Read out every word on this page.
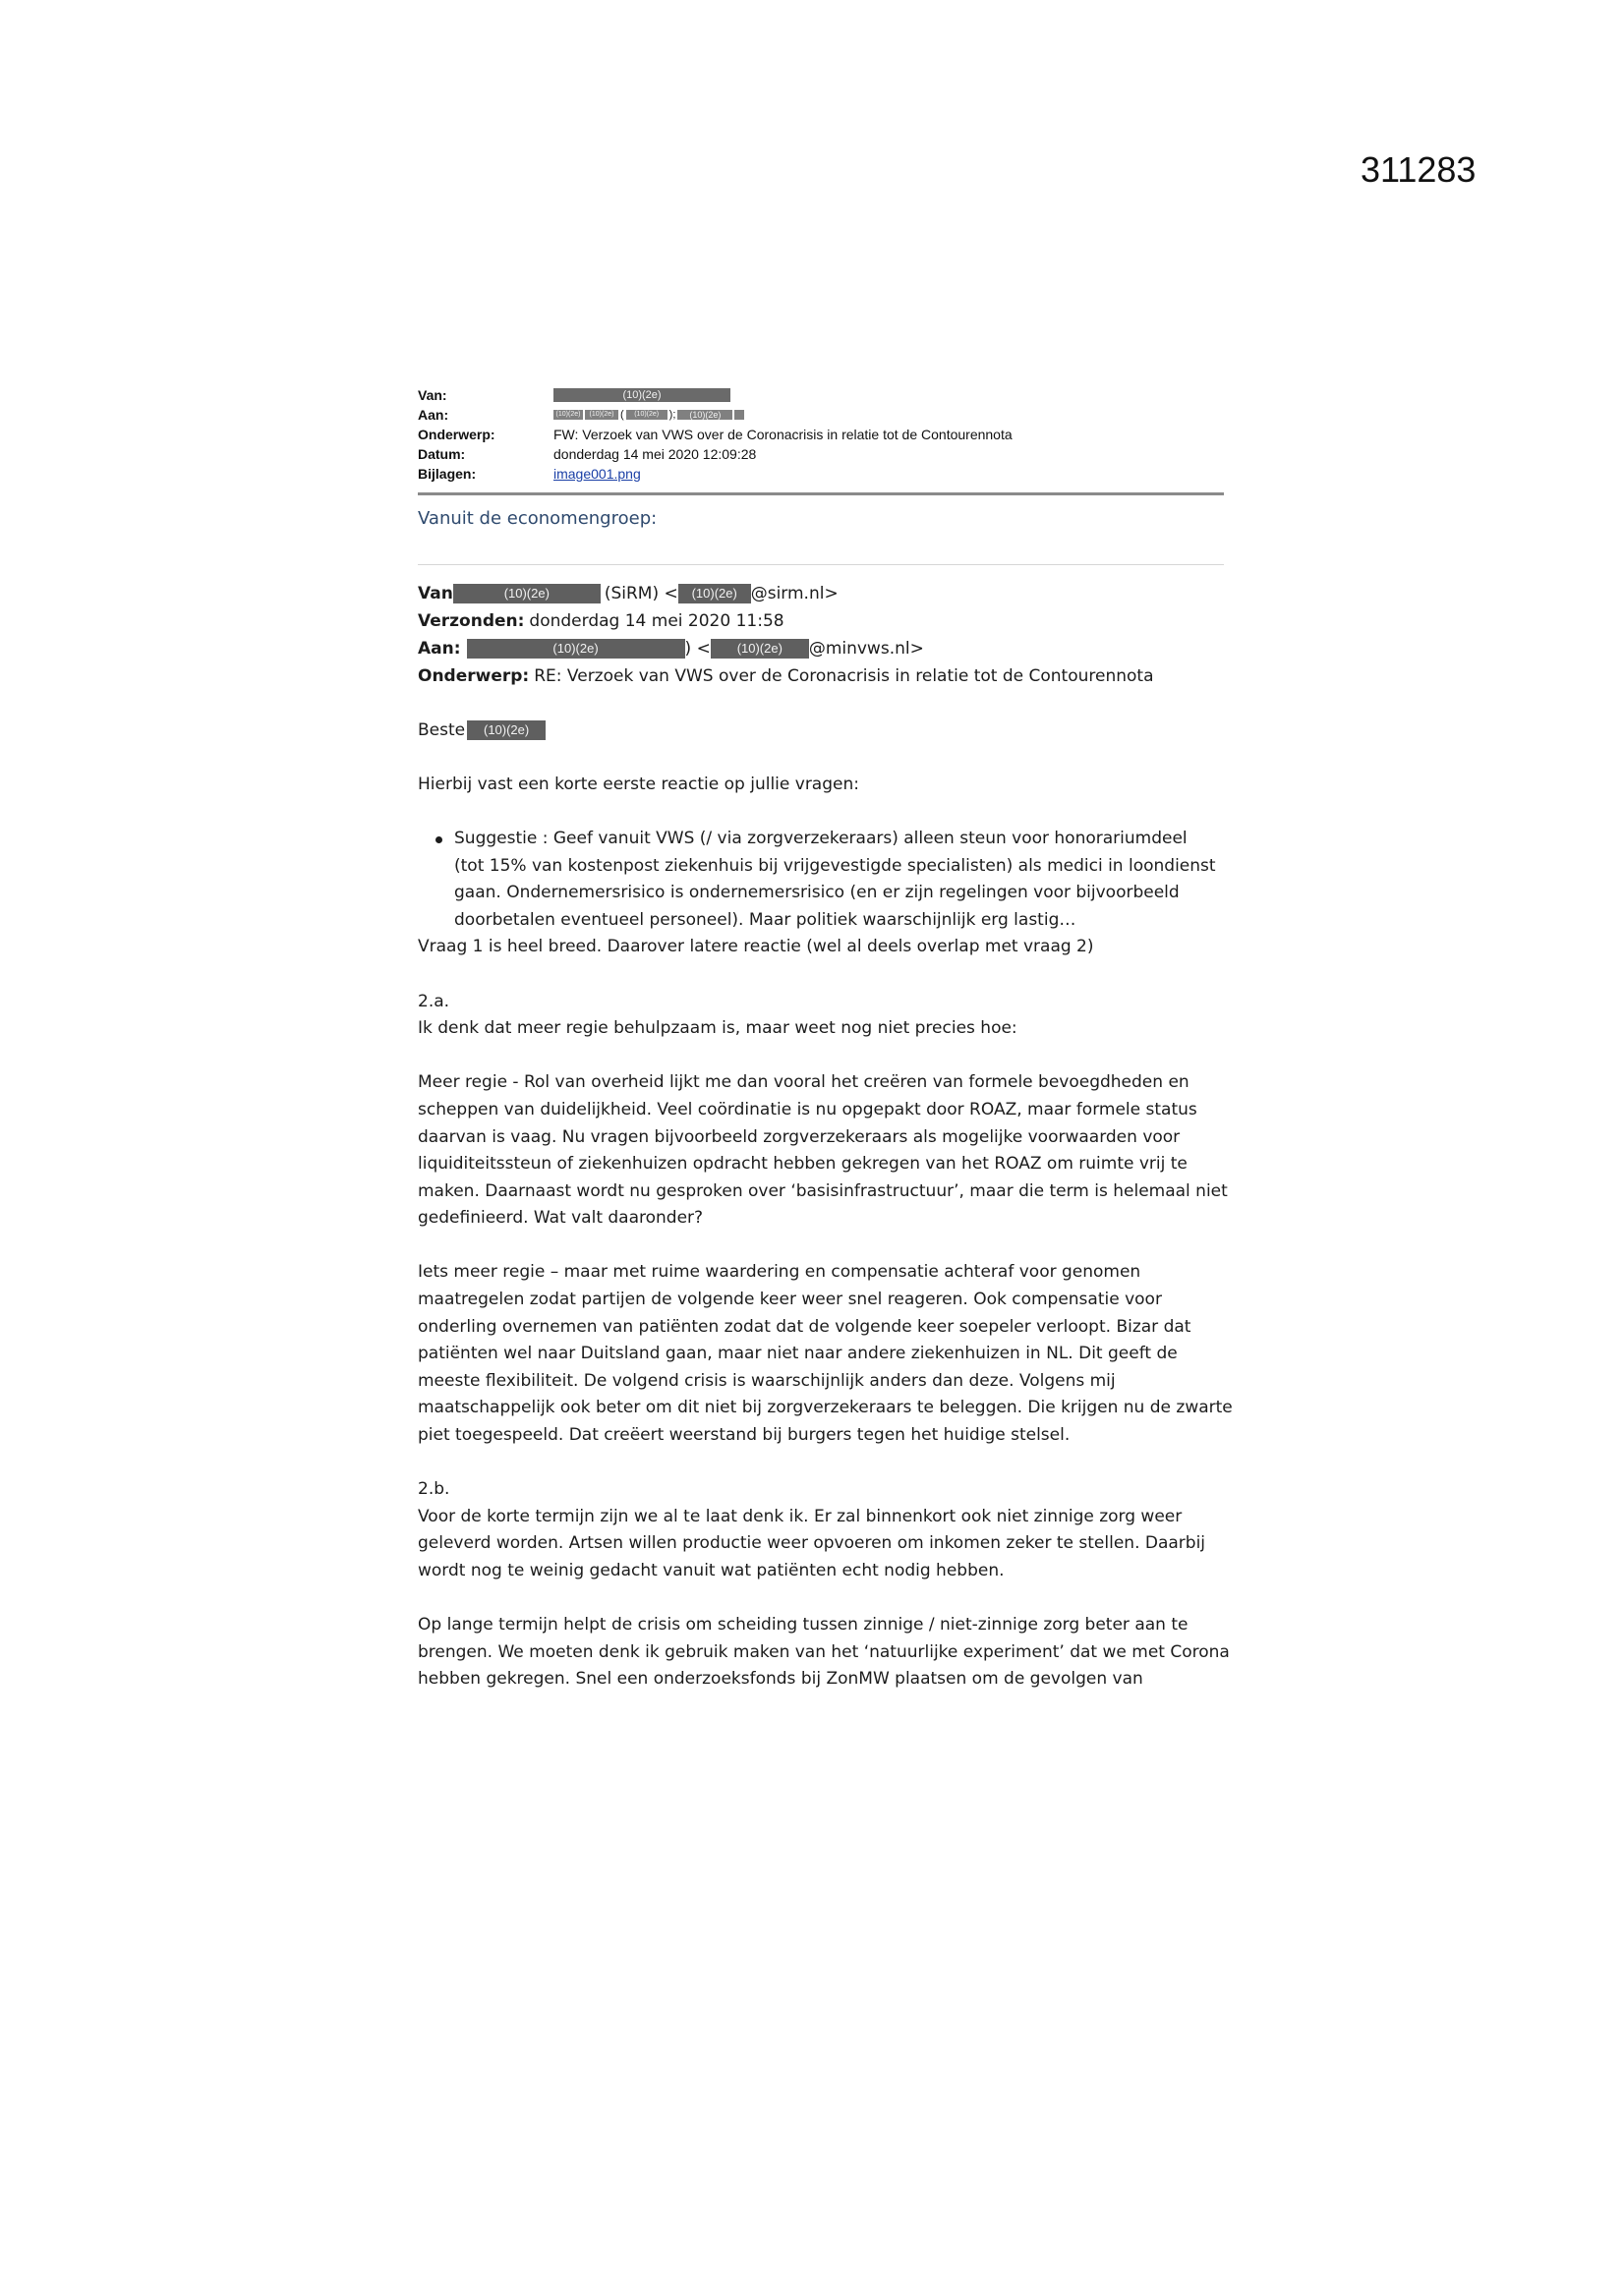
311283
Van:	(10)(2e)
Aan:	(10)(2e)	(10)(2e) (	(10)(2e) );	(10)(2e)
Onderwerp:	FW: Verzoek van VWS over de Coronacrisis in relatie tot de Contourennota
Datum:	donderdag 14 mei 2020 12:09:28
Bijlagen:	image001.png
Vanuit de economengroep:
Van	(10)(2e)	(SiRM) <	(10)(2e) @sirm.nl>
Verzonden: donderdag 14 mei 2020 11:58
Aan:	(10)(2e)	) <	(10)(2e)	@minvws.nl>
Onderwerp: RE: Verzoek van VWS over de Coronacrisis in relatie tot de Contourennota
Beste	(10)(2e)

Hierbij vast een korte eerste reactie op jullie vragen:

Suggestie : Geef vanuit VWS (/ via zorgverzekeraars) alleen steun voor honorariumdeel

(tot 15% van kostenpost ziekenhuis bij vrijgevestigde specialisten) als medici in loondienst

gaan. Ondernemersrisico is ondernemersrisico (en er zijn regelingen voor bijvoorbeeld

doorbetalen eventueel personeel). Maar politiek waarschijnlijk erg lastig…

Vraag 1 is heel breed. Daarover latere reactie (wel al deels overlap met vraag 2)

2.a.

Ik denk dat meer regie behulpzaam is, maar weet nog niet precies hoe:

Meer regie - Rol van overheid lijkt me dan vooral het creëren van formele bevoegdheden en

scheppen van duidelijkheid. Veel coördinatie is nu opgepakt door ROAZ, maar formele status

daarvan is vaag. Nu vragen bijvoorbeeld zorgverzekeraars als mogelijke voorwaarden voor

liquiditeitssteun of ziekenhuizen opdracht hebben gekregen van het ROAZ om ruimte vrij te

maken. Daarnaast wordt nu gesproken over ‘basisinfrastructuur’, maar die term is helemaal niet

gedefinieerd. Wat valt daaronder?

Iets meer regie – maar met ruime waardering en compensatie achteraf voor genomen

maatregelen zodat partijen de volgende keer weer snel reageren. Ook compensatie voor

onderling overnemen van patiënten zodat dat de volgende keer soepeler verloopt. Bizar dat

patiënten wel naar Duitsland gaan, maar niet naar andere ziekenhuizen in NL. Dit geeft de

meeste flexibiliteit. De volgend crisis is waarschijnlijk anders dan deze. Volgens mij

maatschappelijk ook beter om dit niet bij zorgverzekeraars te beleggen. Die krijgen nu de zwarte

piet toegespeeld. Dat creëert weerstand bij burgers tegen het huidige stelsel.

2.b.

Voor de korte termijn zijn we al te laat denk ik. Er zal binnenkort ook niet zinnige zorg weer

geleverd worden. Artsen willen productie weer opvoeren om inkomen zeker te stellen. Daarbij

wordt nog te weinig gedacht vanuit wat patiënten echt nodig hebben.

Op lange termijn helpt de crisis om scheiding tussen zinnige / niet-zinnige zorg beter aan te

brengen. We moeten denk ik gebruik maken van het ‘natuurlijke experiment’ dat we met Corona

hebben gekregen. Snel een onderzoeksfonds bij ZonMW plaatsen om de gevolgen van
